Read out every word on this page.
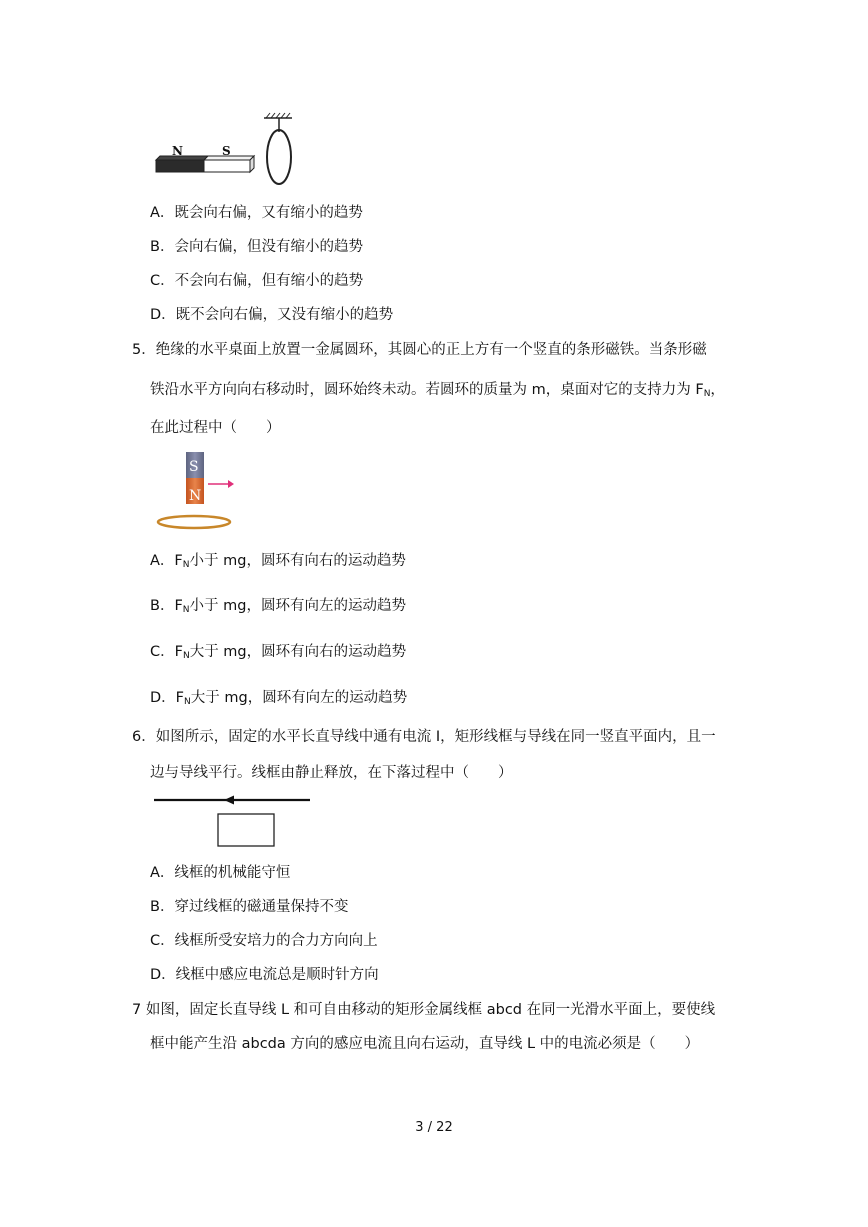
N	S
A．既会向右偏，又有缩小的趋势
B．会向右偏，但没有缩小的趋势
C．不会向右偏，但有缩小的趋势
D．既不会向右偏，又没有缩小的趋势
5．绝缘的水平桌面上放置一金属圆环，其圆心的正上方有一个竖直的条形磁铁。当条形磁
铁沿水平方向向右移动时，圆环始终未动。若圆环的质量为 m，桌面对它的支持力为 $F_N$，
在此过程中（　　）
S
N
A．$F_N$小于 mg，圆环有向右的运动趋势
B．$F_N$小于 mg，圆环有向左的运动趋势
C．$F_N$大于 mg，圆环有向右的运动趋势
D．$F_N$大于 mg，圆环有向左的运动趋势
6．如图所示，固定的水平长直导线中通有电流 I，矩形线框与导线在同一竖直平面内，且一
边与导线平行。线框由静止释放，在下落过程中（　　）
A．线框的机械能守恒
B．穿过线框的磁通量保持不变
C．线框所受安培力的合力方向向上
D．线框中感应电流总是顺时针方向
7 如图，固定长直导线 L 和可自由移动的矩形金属线框 abcd 在同一光滑水平面上，要使线
框中能产生沿 abcda 方向的感应电流且向右运动，直导线 L 中的电流必须是（　　）
3 / 22
